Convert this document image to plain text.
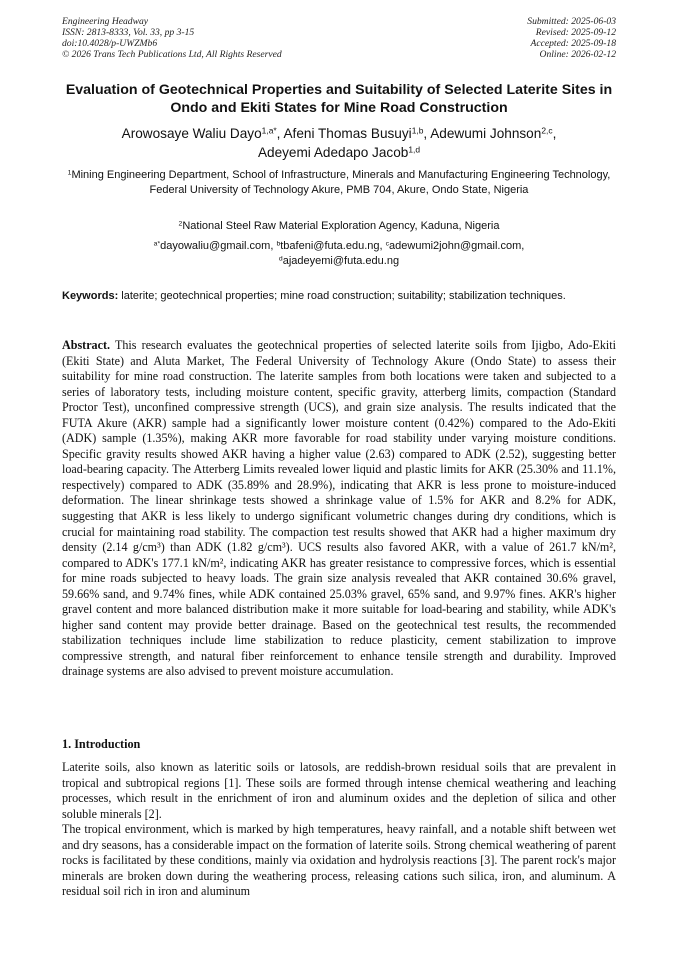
Engineering Headway
ISSN: 2813-8333, Vol. 33, pp 3-15
doi:10.4028/p-UWZMb6
© 2026 Trans Tech Publications Ltd, All Rights Reserved
Submitted: 2025-06-03
Revised: 2025-09-12
Accepted: 2025-09-18
Online: 2026-02-12
Evaluation of Geotechnical Properties and Suitability of Selected Laterite Sites in Ondo and Ekiti States for Mine Road Construction
Arowosaye Waliu Dayo$^{1,a*}$, Afeni Thomas Busuyi$^{1,b}$, Adewumi Johnson$^{2,c}$,
Adeyemi Adedapo Jacob$^{1,d}$
$^1$Mining Engineering Department, School of Infrastructure, Minerals and Manufacturing Engineering Technology, Federal University of Technology Akure, PMB 704, Akure, Ondo State, Nigeria
$^2$National Steel Raw Material Exploration Agency, Kaduna, Nigeria
$^{a*}$dayowaliu@gmail.com, $^b$tbafeni@futa.edu.ng, $^c$adewumi2john@gmail.com,
$^d$ajadeyemi@futa.edu.ng
Keywords: laterite; geotechnical properties; mine road construction; suitability; stabilization techniques.
Abstract. This research evaluates the geotechnical properties of selected laterite soils from Ijigbo, Ado-Ekiti (Ekiti State) and Aluta Market, The Federal University of Technology Akure (Ondo State) to assess their suitability for mine road construction. The laterite samples from both locations were taken and subjected to a series of laboratory tests, including moisture content, specific gravity, atterberg limits, compaction (Standard Proctor Test), unconfined compressive strength (UCS), and grain size analysis. The results indicated that the FUTA Akure (AKR) sample had a significantly lower moisture content (0.42%) compared to the Ado-Ekiti (ADK) sample (1.35%), making AKR more favorable for road stability under varying moisture conditions. Specific gravity results showed AKR having a higher value (2.63) compared to ADK (2.52), suggesting better load-bearing capacity. The Atterberg Limits revealed lower liquid and plastic limits for AKR (25.30% and 11.1%, respectively) compared to ADK (35.89% and 28.9%), indicating that AKR is less prone to moisture-induced deformation. The linear shrinkage tests showed a shrinkage value of 1.5% for AKR and 8.2% for ADK, suggesting that AKR is less likely to undergo significant volumetric changes during dry conditions, which is crucial for maintaining road stability. The compaction test results showed that AKR had a higher maximum dry density (2.14 g/cm³) than ADK (1.82 g/cm³). UCS results also favored AKR, with a value of 261.7 kN/m², compared to ADK's 177.1 kN/m², indicating AKR has greater resistance to compressive forces, which is essential for mine roads subjected to heavy loads. The grain size analysis revealed that AKR contained 30.6% gravel, 59.66% sand, and 9.74% fines, while ADK contained 25.03% gravel, 65% sand, and 9.97% fines. AKR's higher gravel content and more balanced distribution make it more suitable for load-bearing and stability, while ADK's higher sand content may provide better drainage. Based on the geotechnical test results, the recommended stabilization techniques include lime stabilization to reduce plasticity, cement stabilization to improve compressive strength, and natural fiber reinforcement to enhance tensile strength and durability. Improved drainage systems are also advised to prevent moisture accumulation.
1. Introduction
Laterite soils, also known as lateritic soils or latosols, are reddish-brown residual soils that are prevalent in tropical and subtropical regions [1]. These soils are formed through intense chemical weathering and leaching processes, which result in the enrichment of iron and aluminum oxides and the depletion of silica and other soluble minerals [2].
The tropical environment, which is marked by high temperatures, heavy rainfall, and a notable shift between wet and dry seasons, has a considerable impact on the formation of laterite soils. Strong chemical weathering of parent rocks is facilitated by these conditions, mainly via oxidation and hydrolysis reactions [3]. The parent rock's major minerals are broken down during the weathering process, releasing cations such silica, iron, and aluminum. A residual soil rich in iron and aluminum
